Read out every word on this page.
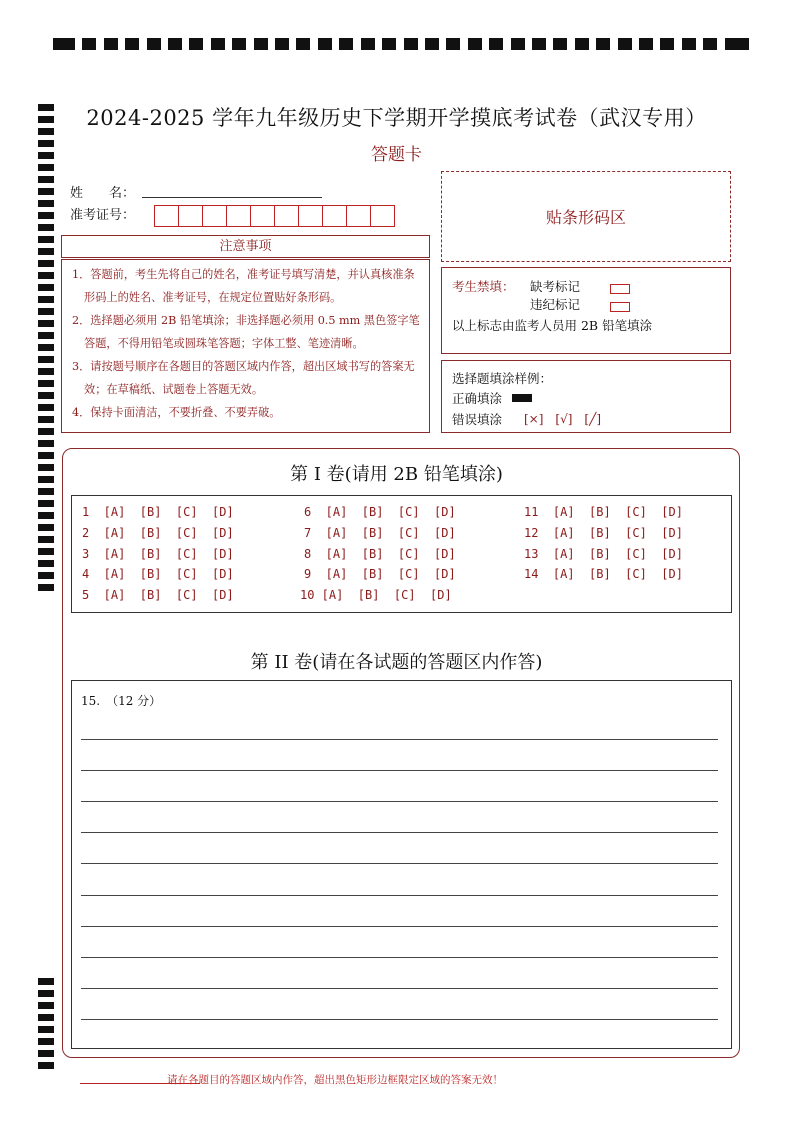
2024-2025 学年九年级历史下学期开学摸底考试卷（武汉专用）
答题卡
姓　　名：
准考证号：	贴条形码区
注意事项

1．答题前，考生先将自己的姓名，准考证号填写清楚，并认真核准条形码上的姓名、准考证号，在规定位置贴好条形码。

2．选择题必须用 2B 铅笔填涂；非选择题必须用 0.5 mm 黑色签字笔答题，不得用铅笔或圆珠笔答题；字体工整、笔迹清晰。

3．请按题号顺序在各题目的答题区域内作答，超出区域书写的答案无效；在草稿纸、试题卷上答题无效。

4．保持卡面清洁，不要折叠、不要弄破。

考生禁填： 缺考标记
违纪标记
以上标志由监考人员用 2B 铅笔填涂
选择题填涂样例：
正确填涂
错误填涂 [×]　[√]　[╱]
第 I 卷(请用 2B 铅笔填涂)
1  [A]  [B]  [C]  [D]
2  [A]  [B]  [C]  [D]
3  [A]  [B]  [C]  [D]
4  [A]  [B]  [C]  [D]
5  [A]  [B]  [C]  [D]
6  [A]  [B]  [C]  [D]
7  [A]  [B]  [C]  [D]
8  [A]  [B]  [C]  [D]
9  [A]  [B]  [C]  [D]
10 [A]  [B]  [C]  [D]
11  [A]  [B]  [C]  [D]
12  [A]  [B]  [C]  [D]
13  [A]  [B]  [C]  [D]
14  [A]  [B]  [C]  [D]
第 II 卷(请在各试题的答题区内作答)
15.　（12 分）
请在各题目的答题区域内作答，超出黑色矩形边框限定区域的答案无效！
